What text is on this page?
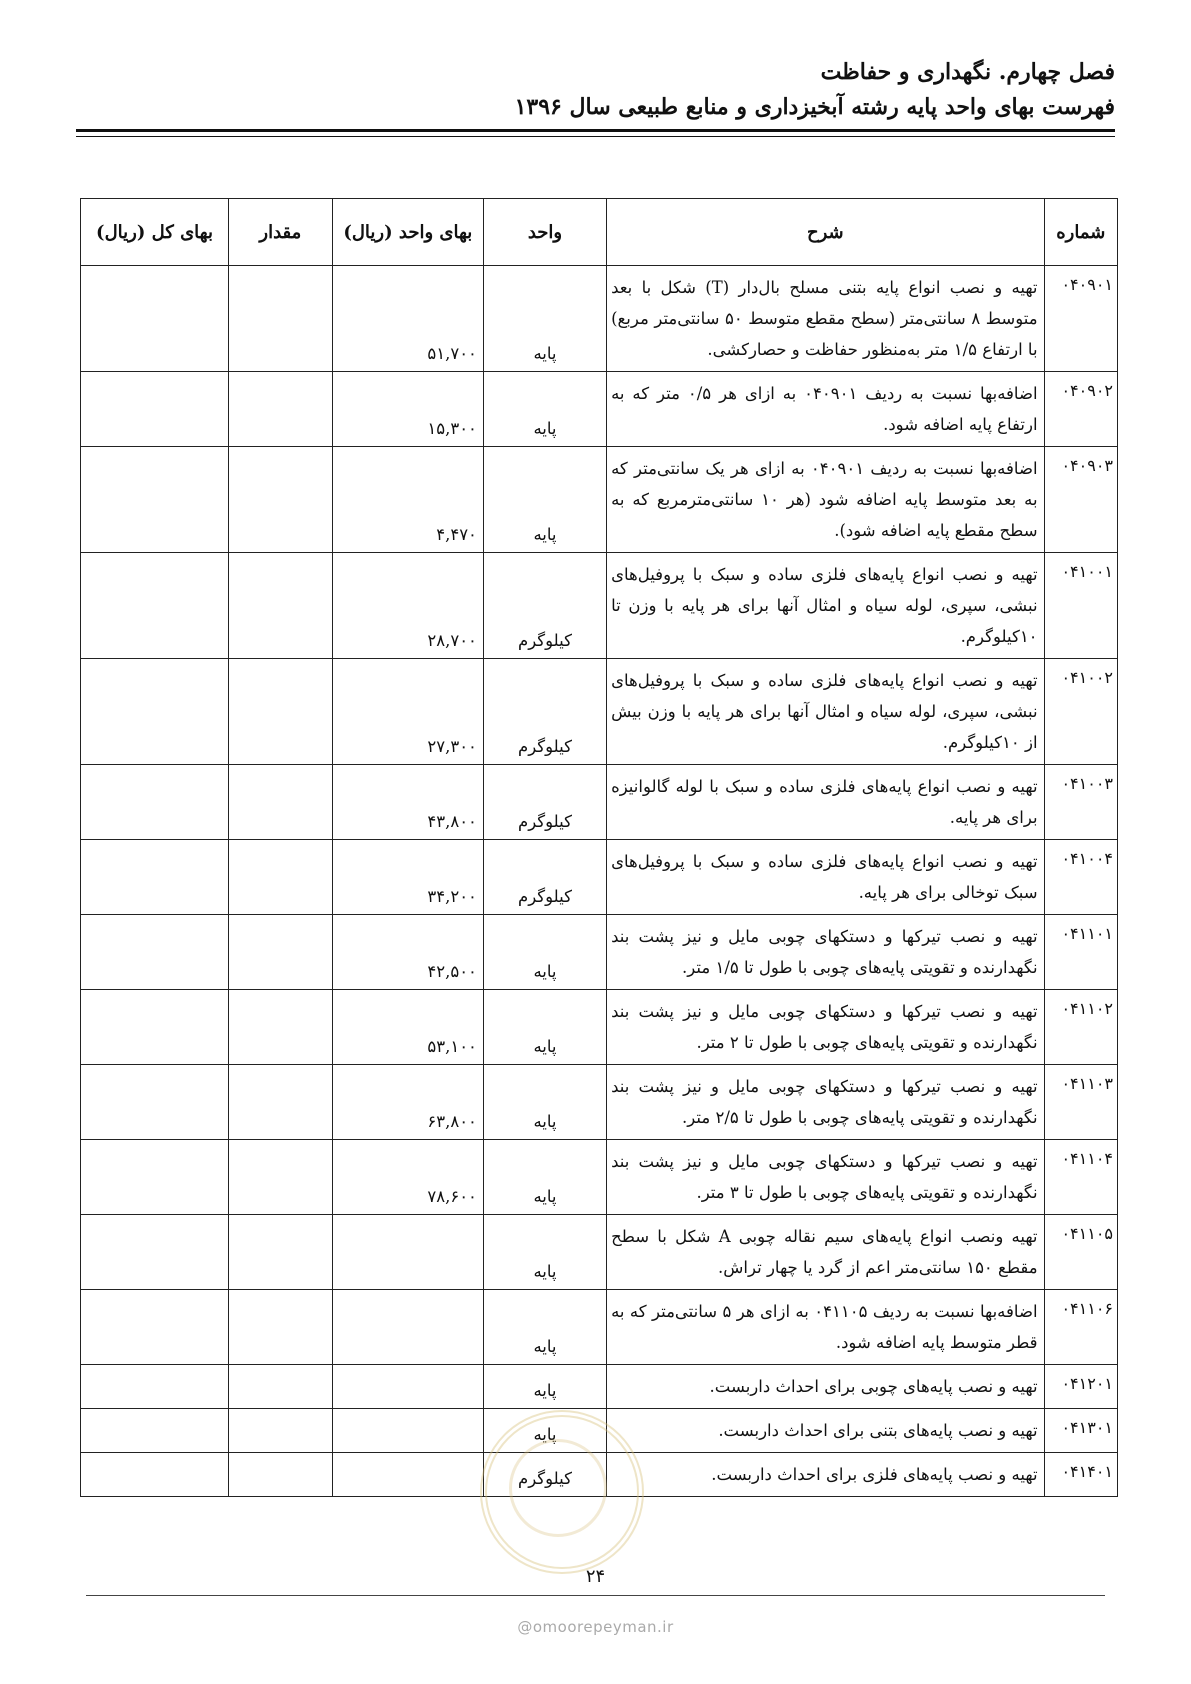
فصل چهارم. نگهداری و حفاظت
فهرست بهای واحد پایه رشته آبخیزداری و منابع طبیعی سال ۱۳۹۶
شماره	شرح	واحد	بهای واحد (ریال)	مقدار	بهای کل (ریال)
۰۴۰۹۰۱	تهیه و نصب انواع پایه بتنی مسلح بال‌دار (T) شکل با بعد متوسط ۸ سانتی‌متر (سطح مقطع متوسط ۵۰ سانتی‌متر مربع) با ارتفاع ۱/۵ متر به‌منظور حفاظت و حصارکشی.	پایه	۵۱,۷۰۰		
۰۴۰۹۰۲	اضافه‌بها نسبت به ردیف ۰۴۰۹۰۱ به ازای هر ۰/۵ متر که به ارتفاع پایه اضافه شود.	پایه	۱۵,۳۰۰		
۰۴۰۹۰۳	اضافه‌بها نسبت به ردیف ۰۴۰۹۰۱ به ازای هر یک سانتی‌متر که به بعد متوسط پایه اضافه شود (هر ۱۰ سانتی‌مترمربع که به سطح مقطع پایه اضافه شود).	پایه	۴,۴۷۰		
۰۴۱۰۰۱	تهیه و نصب انواع پایه‌های فلزی ساده و سبک با پروفیل‌های نبشی، سپری، لوله سیاه و امثال آنها برای هر پایه با وزن تا ۱۰کیلوگرم.	کیلوگرم	۲۸,۷۰۰		
۰۴۱۰۰۲	تهیه و نصب انواع پایه‌های فلزی ساده و سبک با پروفیل‌های نبشی، سپری، لوله سیاه و امثال آنها برای هر پایه با وزن بیش از ۱۰کیلوگرم.	کیلوگرم	۲۷,۳۰۰		
۰۴۱۰۰۳	تهیه و نصب انواع پایه‌های فلزی ساده و سبک با لوله گالوانیزه برای هر پایه.	کیلوگرم	۴۳,۸۰۰		
۰۴۱۰۰۴	تهیه و نصب انواع پایه‌های فلزی ساده و سبک با پروفیل‌های سبک توخالی برای هر پایه.	کیلوگرم	۳۴,۲۰۰		
۰۴۱۱۰۱	تهیه و نصب تیرکها و دستکهای چوبی مایل و نیز پشت بند نگهدارنده و تقویتی پایه‌های چوبی با طول تا ۱/۵ متر.	پایه	۴۲,۵۰۰		
۰۴۱۱۰۲	تهیه و نصب تیرکها و دستکهای چوبی مایل و نیز پشت بند نگهدارنده و تقویتی پایه‌های چوبی با طول تا ۲ متر.	پایه	۵۳,۱۰۰		
۰۴۱۱۰۳	تهیه و نصب تیرکها و دستکهای چوبی مایل و نیز پشت بند نگهدارنده و تقویتی پایه‌های چوبی با طول تا ۲/۵ متر.	پایه	۶۳,۸۰۰		
۰۴۱۱۰۴	تهیه و نصب تیرکها و دستکهای چوبی مایل و نیز پشت بند نگهدارنده و تقویتی پایه‌های چوبی با طول تا ۳ متر.	پایه	۷۸,۶۰۰		
۰۴۱۱۰۵	تهیه ونصب انواع پایه‌های سیم نقاله چوبی A شکل با سطح مقطع ۱۵۰ سانتی‌متر اعم از گرد یا چهار تراش.	پایه			
۰۴۱۱۰۶	اضافه‌بها نسبت به ردیف ۰۴۱۱۰۵ به ازای هر ۵ سانتی‌متر که به قطر متوسط پایه اضافه شود.	پایه			
۰۴۱۲۰۱	تهیه و نصب پایه‌های چوبی برای احداث داربست.	پایه			
۰۴۱۳۰۱	تهیه و نصب پایه‌های بتنی برای احداث داربست.	پایه			
۰۴۱۴۰۱	تهیه و نصب پایه‌های فلزی برای احداث داربست.	کیلوگرم			
۲۴
@omoorepeyman.ir
